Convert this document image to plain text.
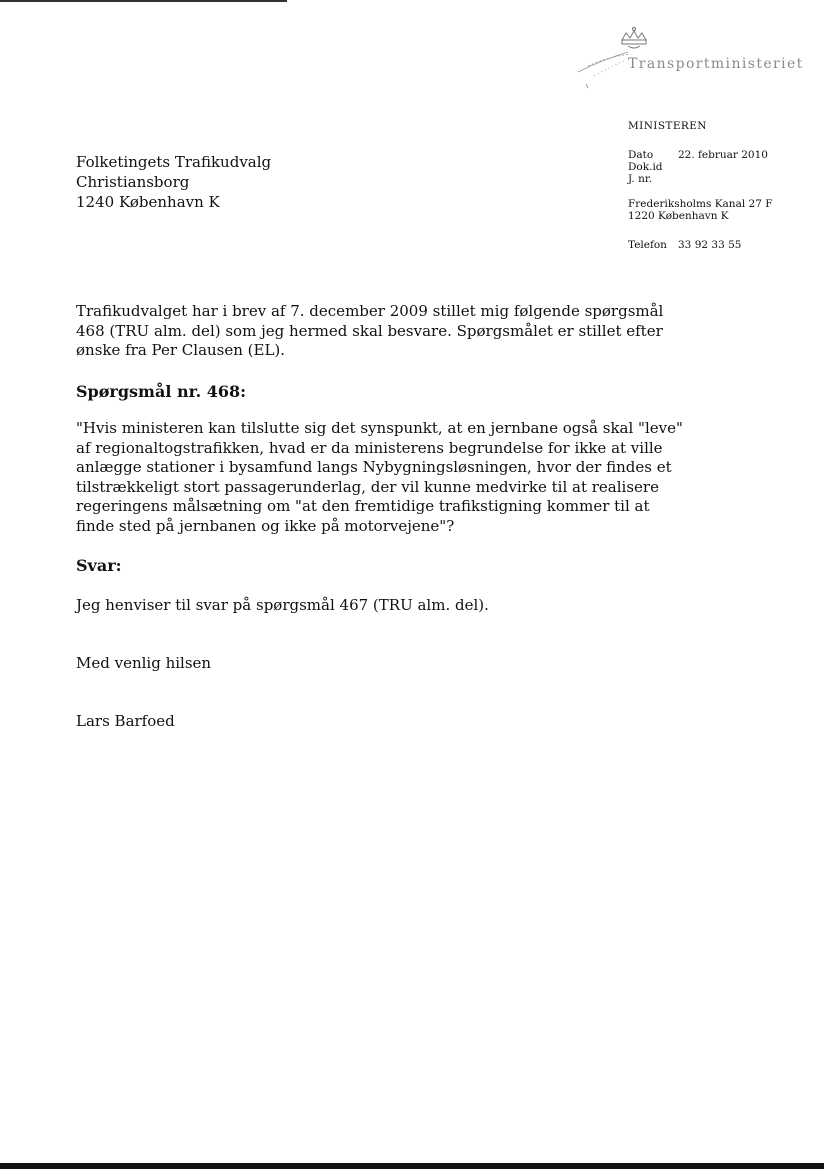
Transportministeriet
MINISTEREN
Dato 22. februar 2010
Dok.id
J. nr.
Frederiksholms Kanal 27 F
1220 København K
Telefon 33 92 33 55
Folketingets Trafikudvalg
Christiansborg
1240 København K
Trafikudvalget har i brev af 7. december 2009 stillet mig følgende spørgsmål
468 (TRU alm. del) som jeg hermed skal besvare. Spørgsmålet er stillet efter
ønske fra Per Clausen (EL).
Spørgsmål nr. 468:
"Hvis ministeren kan tilslutte sig det synspunkt, at en jernbane også skal "leve"
af regionaltogstrafikken, hvad er da ministerens begrundelse for ikke at ville
anlægge stationer i bysamfund langs Nybygningsløsningen, hvor der findes et
tilstrækkeligt stort passagerunderlag, der vil kunne medvirke til at realisere
regeringens målsætning om "at den fremtidige trafikstigning kommer til at
finde sted på jernbanen og ikke på motorvejene"?
Svar:
Jeg henviser til svar på spørgsmål 467 (TRU alm. del).
Med venlig hilsen
Lars Barfoed
